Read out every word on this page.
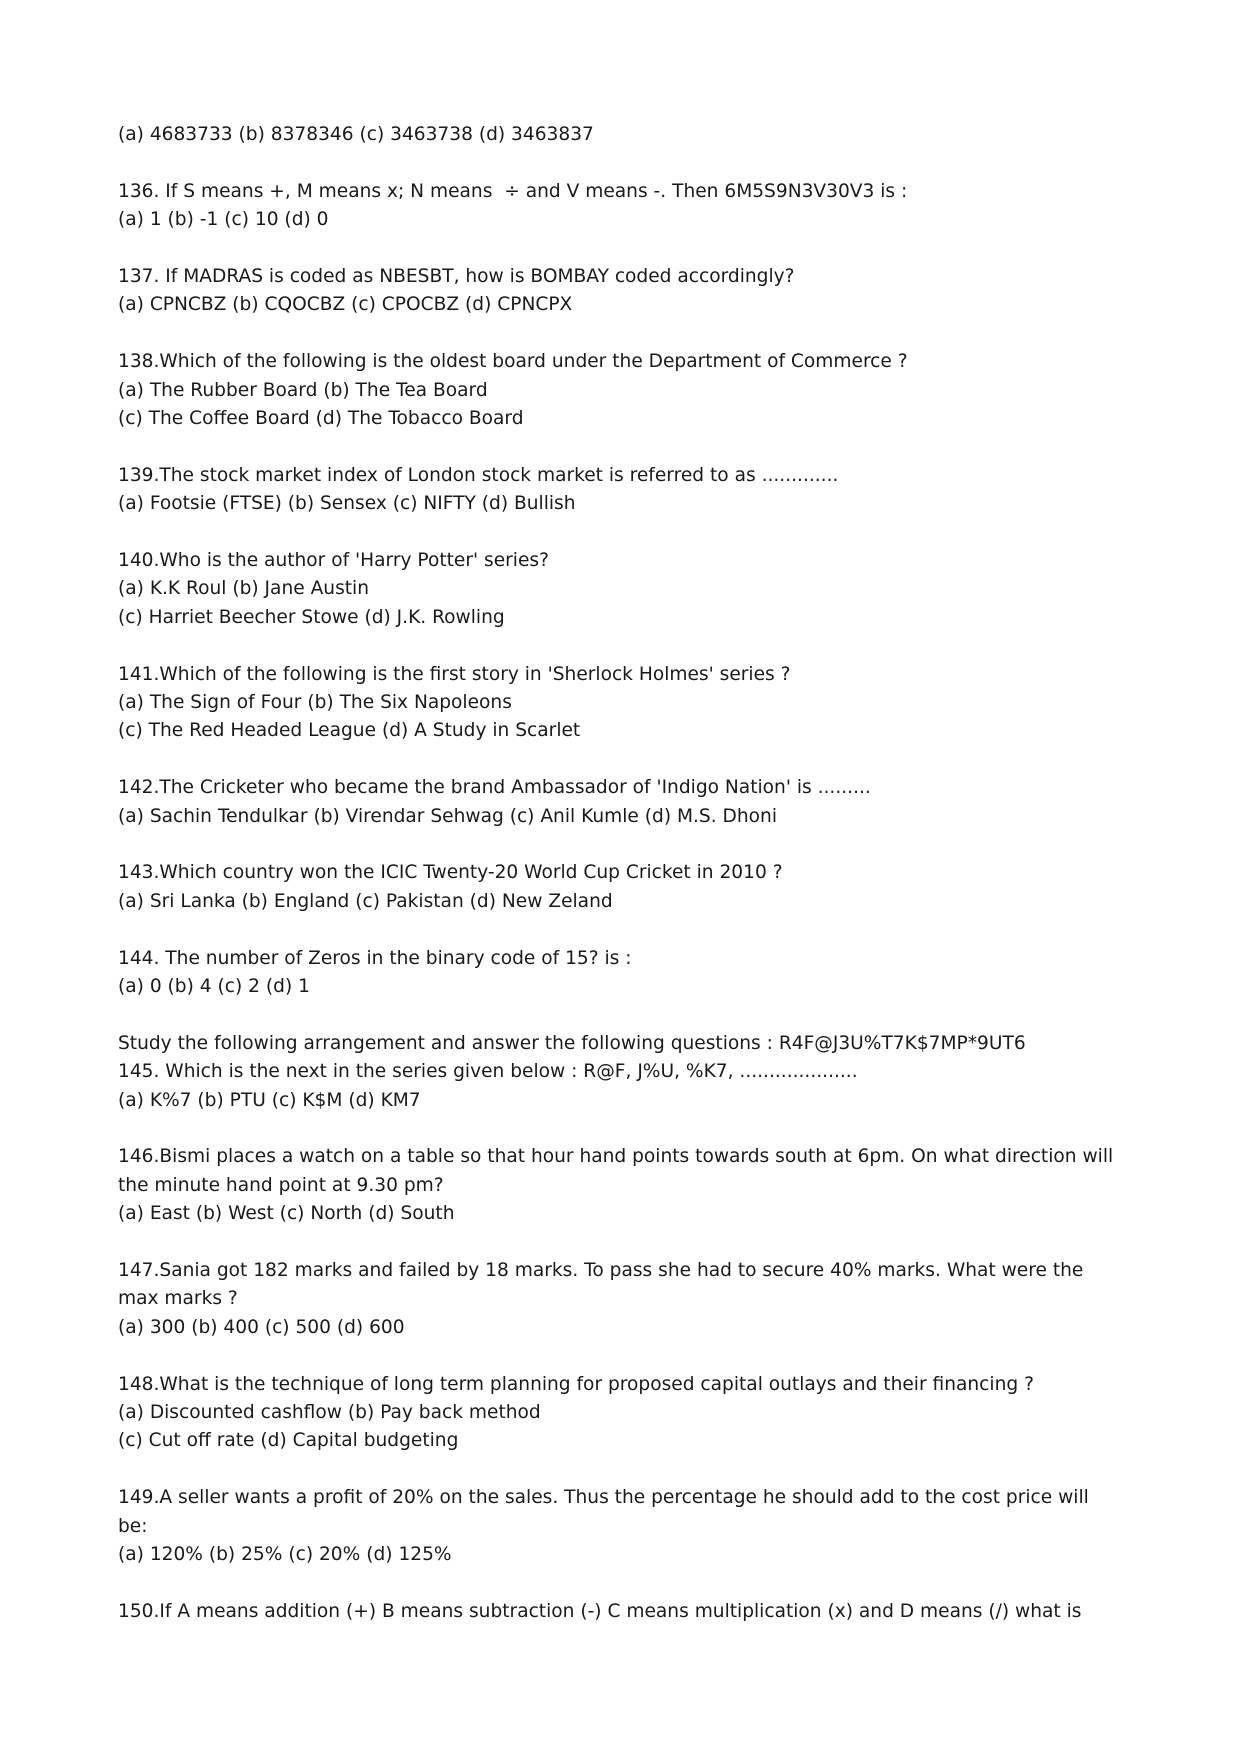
(a) 4683733 (b) 8378346 (c) 3463738 (d) 3463837
136. If S means +, M means x; N means  ÷ and V means -. Then 6M5S9N3V30V3 is :
(a) 1 (b) -1 (c) 10 (d) 0
137. If MADRAS is coded as NBESBT, how is BOMBAY coded accordingly?
(a) CPNCBZ (b) CQOCBZ (c) CPOCBZ (d) CPNCPX
138.Which of the following is the oldest board under the Department of Commerce ?
(a) The Rubber Board (b) The Tea Board
(c) The Coffee Board (d) The Tobacco Board
139.The stock market index of London stock market is referred to as .............
(a) Footsie (FTSE) (b) Sensex (c) NIFTY (d) Bullish
140.Who is the author of 'Harry Potter' series?
(a) K.K Roul (b) Jane Austin
(c) Harriet Beecher Stowe (d) J.K. Rowling
141.Which of the following is the first story in 'Sherlock Holmes' series ?
(a) The Sign of Four (b) The Six Napoleons
(c) The Red Headed League (d) A Study in Scarlet
142.The Cricketer who became the brand Ambassador of 'Indigo Nation' is .........
(a) Sachin Tendulkar (b) Virendar Sehwag (c) Anil Kumle (d) M.S. Dhoni
143.Which country won the ICIC Twenty-20 World Cup Cricket in 2010 ?
(a) Sri Lanka (b) England (c) Pakistan (d) New Zeland
144. The number of Zeros in the binary code of 15? is :
(a) 0 (b) 4 (c) 2 (d) 1
Study the following arrangement and answer the following questions : R4F@J3U%T7K$7MP*9UT6
145. Which is the next in the series given below : R@F, J%U, %K7, ....................
(a) K%7 (b) PTU (c) K$M (d) KM7
146.Bismi places a watch on a table so that hour hand points towards south at 6pm. On what direction will
the minute hand point at 9.30 pm?
(a) East (b) West (c) North (d) South
147.Sania got 182 marks and failed by 18 marks. To pass she had to secure 40% marks. What were the
max marks ?
(a) 300 (b) 400 (c) 500 (d) 600
148.What is the technique of long term planning for proposed capital outlays and their financing ?
(a) Discounted cashflow (b) Pay back method
(c) Cut off rate (d) Capital budgeting
149.A seller wants a profit of 20% on the sales. Thus the percentage he should add to the cost price will
be:
(a) 120% (b) 25% (c) 20% (d) 125%
150.If A means addition (+) B means subtraction (-) C means multiplication (x) and D means (/) what is
